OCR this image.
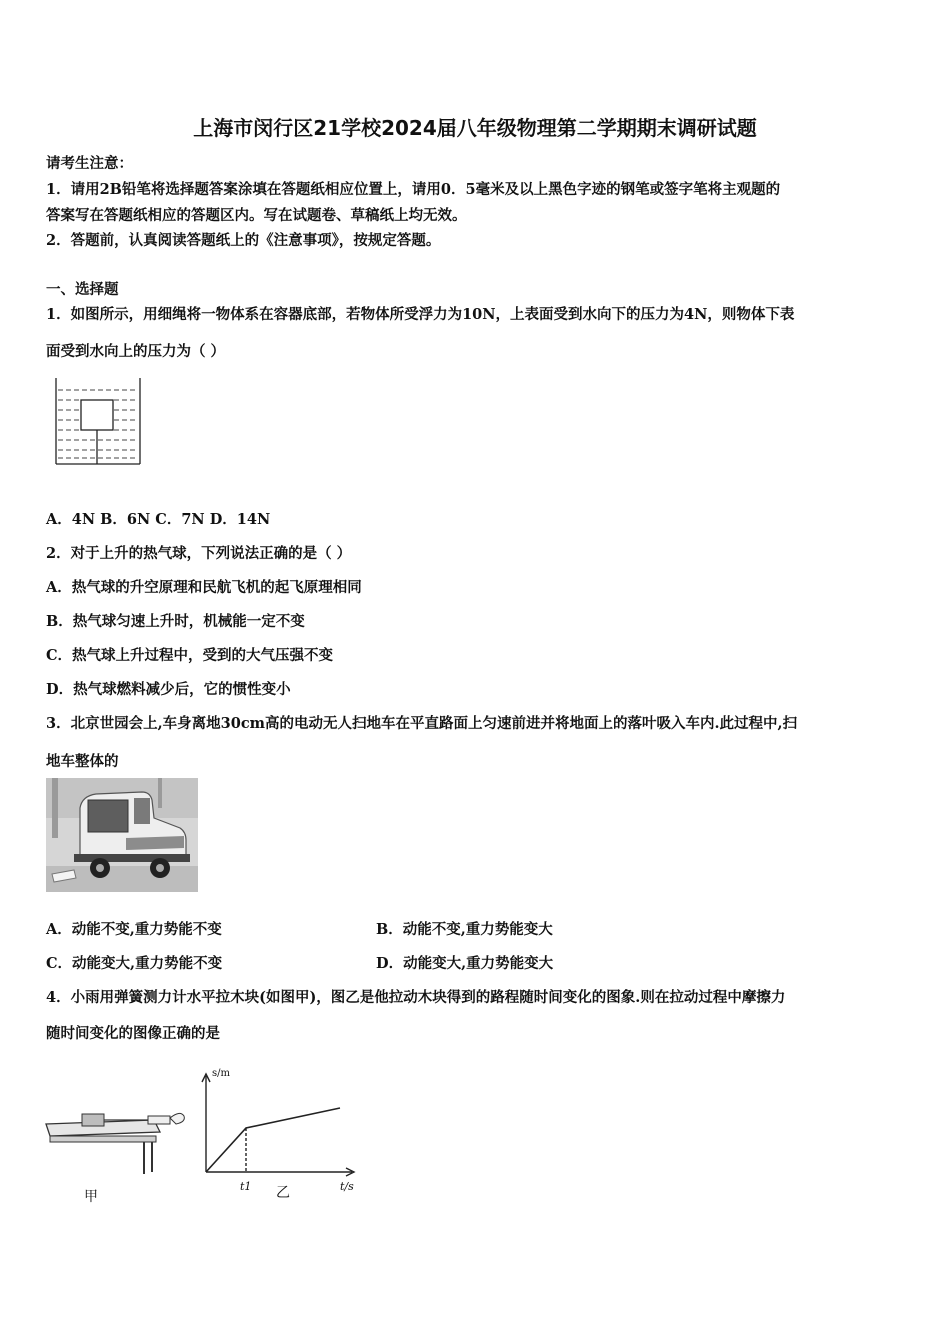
上海市闵行区21学校2024届八年级物理第二学期期末调研试题
请考生注意：
1．请用2B铅笔将选择题答案涂填在答题纸相应位置上，请用0．5毫米及以上黑色字迹的钢笔或签字笔将主观题的
答案写在答题纸相应的答题区内。写在试题卷、草稿纸上均无效。
2．答题前，认真阅读答题纸上的《注意事项》，按规定答题。
一、选择题
1．如图所示，用细绳将一物体系在容器底部，若物体所受浮力为10N，上表面受到水向下的压力为4N，则物体下表
面受到水向上的压力为（ ）
A．4N B．6N C．7N D．14N
2．对于上升的热气球，下列说法正确的是（ ）
A．热气球的升空原理和民航飞机的起飞原理相同
B．热气球匀速上升时，机械能一定不变
C．热气球上升过程中，受到的大气压强不变
D．热气球燃料减少后，它的惯性变小
3．北京世园会上,车身离地30cm高的电动无人扫地车在平直路面上匀速前进并将地面上的落叶吸入车内.此过程中,扫
地车整体的
A．动能不变,重力势能不变	B．动能不变,重力势能变大
C．动能变大,重力势能不变	D．动能变大,重力势能变大
4．小雨用弹簧测力计水平拉木块(如图甲)，图乙是他拉动木块得到的路程随时间变化的图象.则在拉动过程中摩擦力
随时间变化的图像正确的是
甲
s/m
t/s
t1 乙
